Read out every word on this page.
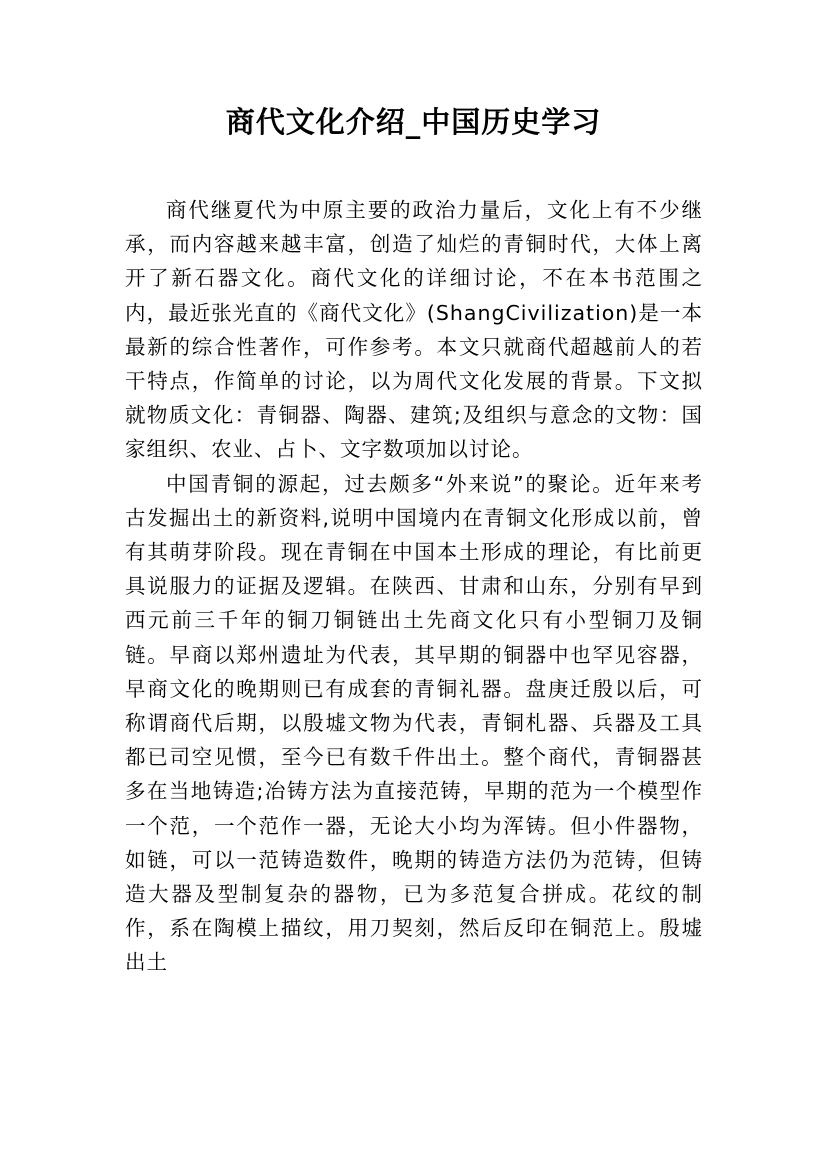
商代文化介绍_中国历史学习

商代继夏代为中原主要的政治力量后，文化上有不少继承，而内容越来越丰富，创造了灿烂的青铜时代，大体上离开了新石器文化。商代文化的详细讨论，不在本书范围之内，最近张光直的《商代文化》(ShangCivilization)是一本最新的综合性著作，可作参考。本文只就商代超越前人的若干特点，作简单的讨论，以为周代文化发展的背景。下文拟就物质文化：青铜器、陶器、建筑;及组织与意念的文物：国家组织、农业、占卜、文字数项加以讨论。

中国青铜的源起，过去颇多“外来说”的聚论。近年来考古发掘出土的新资料,说明中国境内在青铜文化形成以前，曾有其萌芽阶段。现在青铜在中国本土形成的理论，有比前更具说服力的证据及逻辑。在陕西、甘肃和山东，分别有早到西元前三千年的铜刀铜链出土先商文化只有小型铜刀及铜链。早商以郑州遗址为代表，其早期的铜器中也罕见容器，早商文化的晚期则已有成套的青铜礼器。盘庚迁殷以后，可称谓商代后期，以殷墟文物为代表，青铜札器、兵器及工具都已司空见惯，至今已有数千件出土。整个商代，青铜器甚多在当地铸造;冶铸方法为直接范铸，早期的范为一个模型作一个范，一个范作一器，无论大小均为浑铸。但小件器物，如链，可以一范铸造数件，晚期的铸造方法仍为范铸，但铸造大器及型制复杂的器物，已为多范复合拼成。花纹的制作，系在陶模上描纹，用刀契刻，然后反印在铜范上。殷墟出土
